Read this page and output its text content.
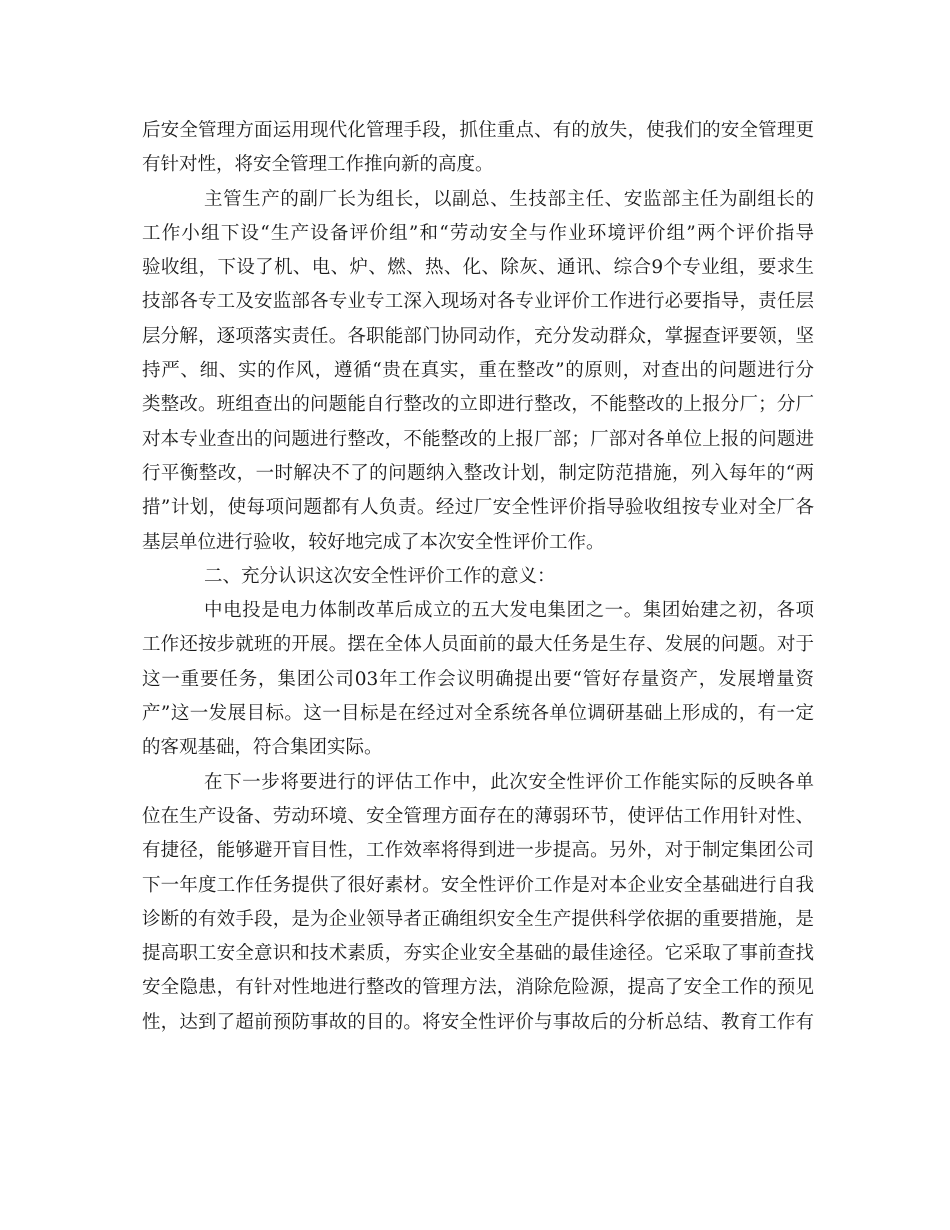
后安全管理方面运用现代化管理手段，抓住重点、有的放失，使我们的安全管理更
有针对性，将安全管理工作推向新的高度。
主管生产的副厂长为组长，以副总、生技部主任、安监部主任为副组长的
工作小组下设“生产设备评价组”和“劳动安全与作业环境评价组”两个评价指导
验收组，下设了机、电、炉、燃、热、化、除灰、通讯、综合9个专业组，要求生
技部各专工及安监部各专业专工深入现场对各专业评价工作进行必要指导，责任层
层分解，逐项落实责任。各职能部门协同动作，充分发动群众，掌握查评要领，坚
持严、细、实的作风，遵循“贵在真实，重在整改”的原则，对查出的问题进行分
类整改。班组查出的问题能自行整改的立即进行整改，不能整改的上报分厂；分厂
对本专业查出的问题进行整改，不能整改的上报厂部；厂部对各单位上报的问题进
行平衡整改，一时解决不了的问题纳入整改计划，制定防范措施，列入每年的“两
措”计划，使每项问题都有人负责。经过厂安全性评价指导验收组按专业对全厂各
基层单位进行验收，较好地完成了本次安全性评价工作。
二、充分认识这次安全性评价工作的意义：
中电投是电力体制改革后成立的五大发电集团之一。集团始建之初，各项
工作还按步就班的开展。摆在全体人员面前的最大任务是生存、发展的问题。对于
这一重要任务，集团公司03年工作会议明确提出要“管好存量资产，发展增量资
产”这一发展目标。这一目标是在经过对全系统各单位调研基础上形成的，有一定
的客观基础，符合集团实际。
在下一步将要进行的评估工作中，此次安全性评价工作能实际的反映各单
位在生产设备、劳动环境、安全管理方面存在的薄弱环节，使评估工作用针对性、
有捷径，能够避开盲目性，工作效率将得到进一步提高。另外，对于制定集团公司
下一年度工作任务提供了很好素材。安全性评价工作是对本企业安全基础进行自我
诊断的有效手段，是为企业领导者正确组织安全生产提供科学依据的重要措施，是
提高职工安全意识和技术素质，夯实企业安全基础的最佳途径。它采取了事前查找
安全隐患，有针对性地进行整改的管理方法，消除危险源，提高了安全工作的预见
性，达到了超前预防事故的目的。将安全性评价与事故后的分析总结、教育工作有
